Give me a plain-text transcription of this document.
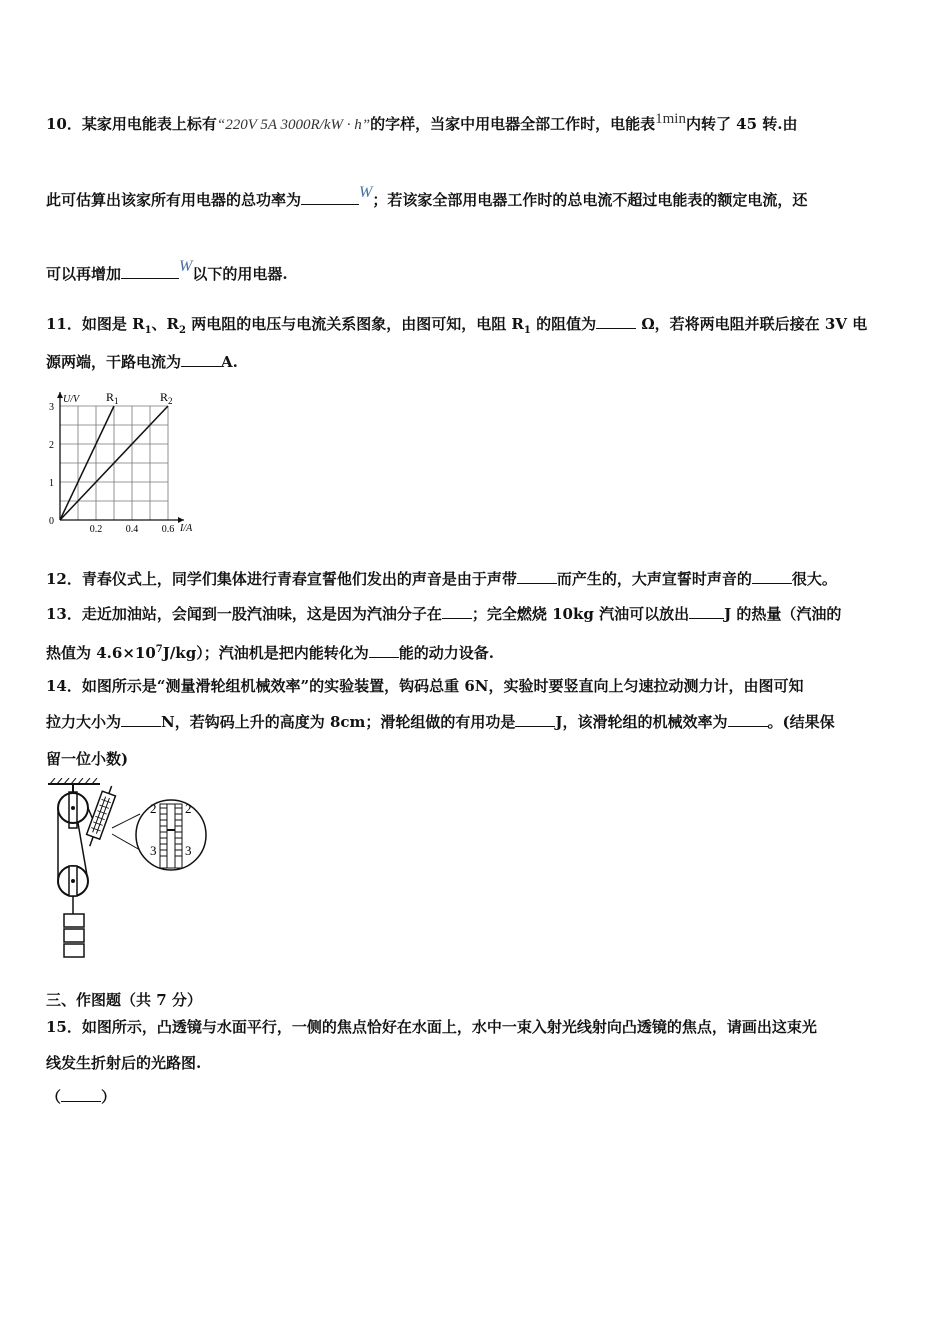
10．某家用电能表上标有“220V 5A 3000R/kW · h”的字样，当家中用电器全部工作时，电能表1min内转了 45 转.由
此可估算出该家所有用电器的总功率为	W；若该家全部用电器工作时的总电流不超过电能表的额定电流，还
可以再增加	W以下的用电器.
11．如图是 $R_1$、$R_2$ 两电阻的电压与电流关系图象，由图可知，电阻 $R_1$ 的阻值为	Ω，若将两电阻并联后接在 3V 电
源两端，干路电流为	A.
U/V
I/A
0
1
2
3
0.2 0.4 0.6
$R_1$	$R_2$
12．青春仪式上，同学们集体进行青春宣誓他们发出的声音是由于声带	而产生的，大声宣誓时声音的	很大。
13．走近加油站，会闻到一股汽油味，这是因为汽油分子在 ；完全燃烧 10kg 汽油可以放出 J 的热量（汽油的
热值为 $4.6\times 10^7J/kg$）；汽油机是把内能转化为 能的动力设备.
14．如图所示是“测量滑轮组机械效率”的实验装置，钩码总重 6N，实验时要竖直向上匀速拉动测力计，由图可知
拉力大小为	N，若钩码上升的高度为 8cm；滑轮组做的有用功是	J，该滑轮组的机械效率为	。(结果保
留一位小数)
2 2
3 3
三、作图题（共 7 分）
15．如图所示，凸透镜与水面平行，一侧的焦点恰好在水面上，水中一束入射光线射向凸透镜的焦点，请画出这束光
线发生折射后的光路图.
（	）
